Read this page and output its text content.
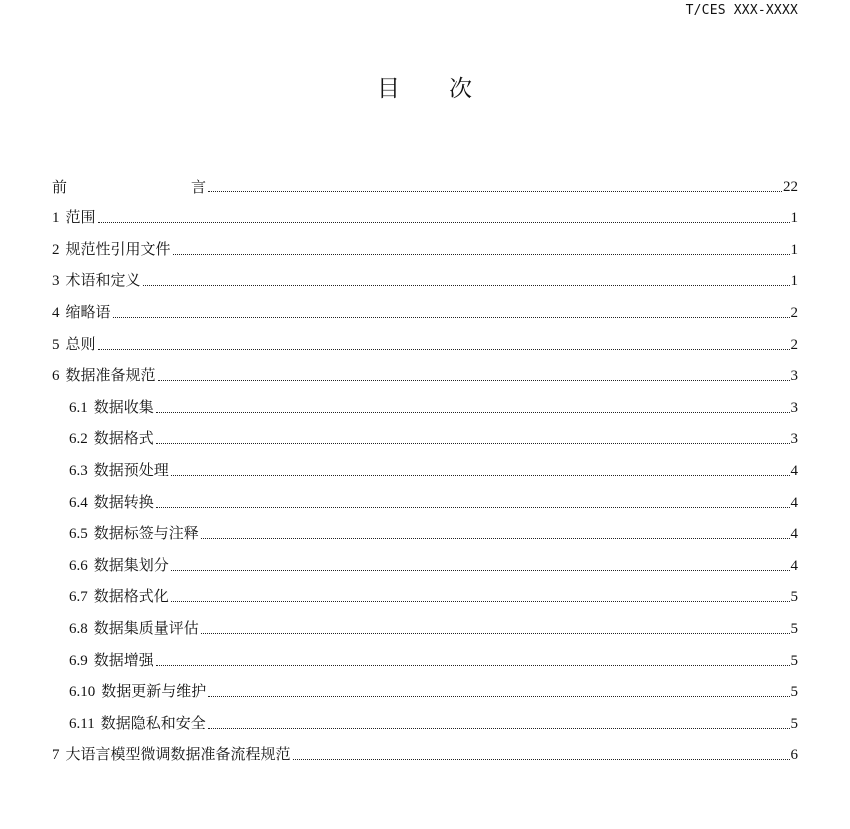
T/CES XXX-XXXX
目 次
前	言	22
1 范围	1
2 规范性引用文件	1
3 术语和定义	1
4 缩略语	2
5 总则	2
6 数据准备规范	3
6.1 数据收集	3
6.2 数据格式	3
6.3 数据预处理	4
6.4 数据转换	4
6.5 数据标签与注释	4
6.6 数据集划分	4
6.7 数据格式化	5
6.8 数据集质量评估	5
6.9 数据增强	5
6.10 数据更新与维护	5
6.11 数据隐私和安全	5
7 大语言模型微调数据准备流程规范	6
